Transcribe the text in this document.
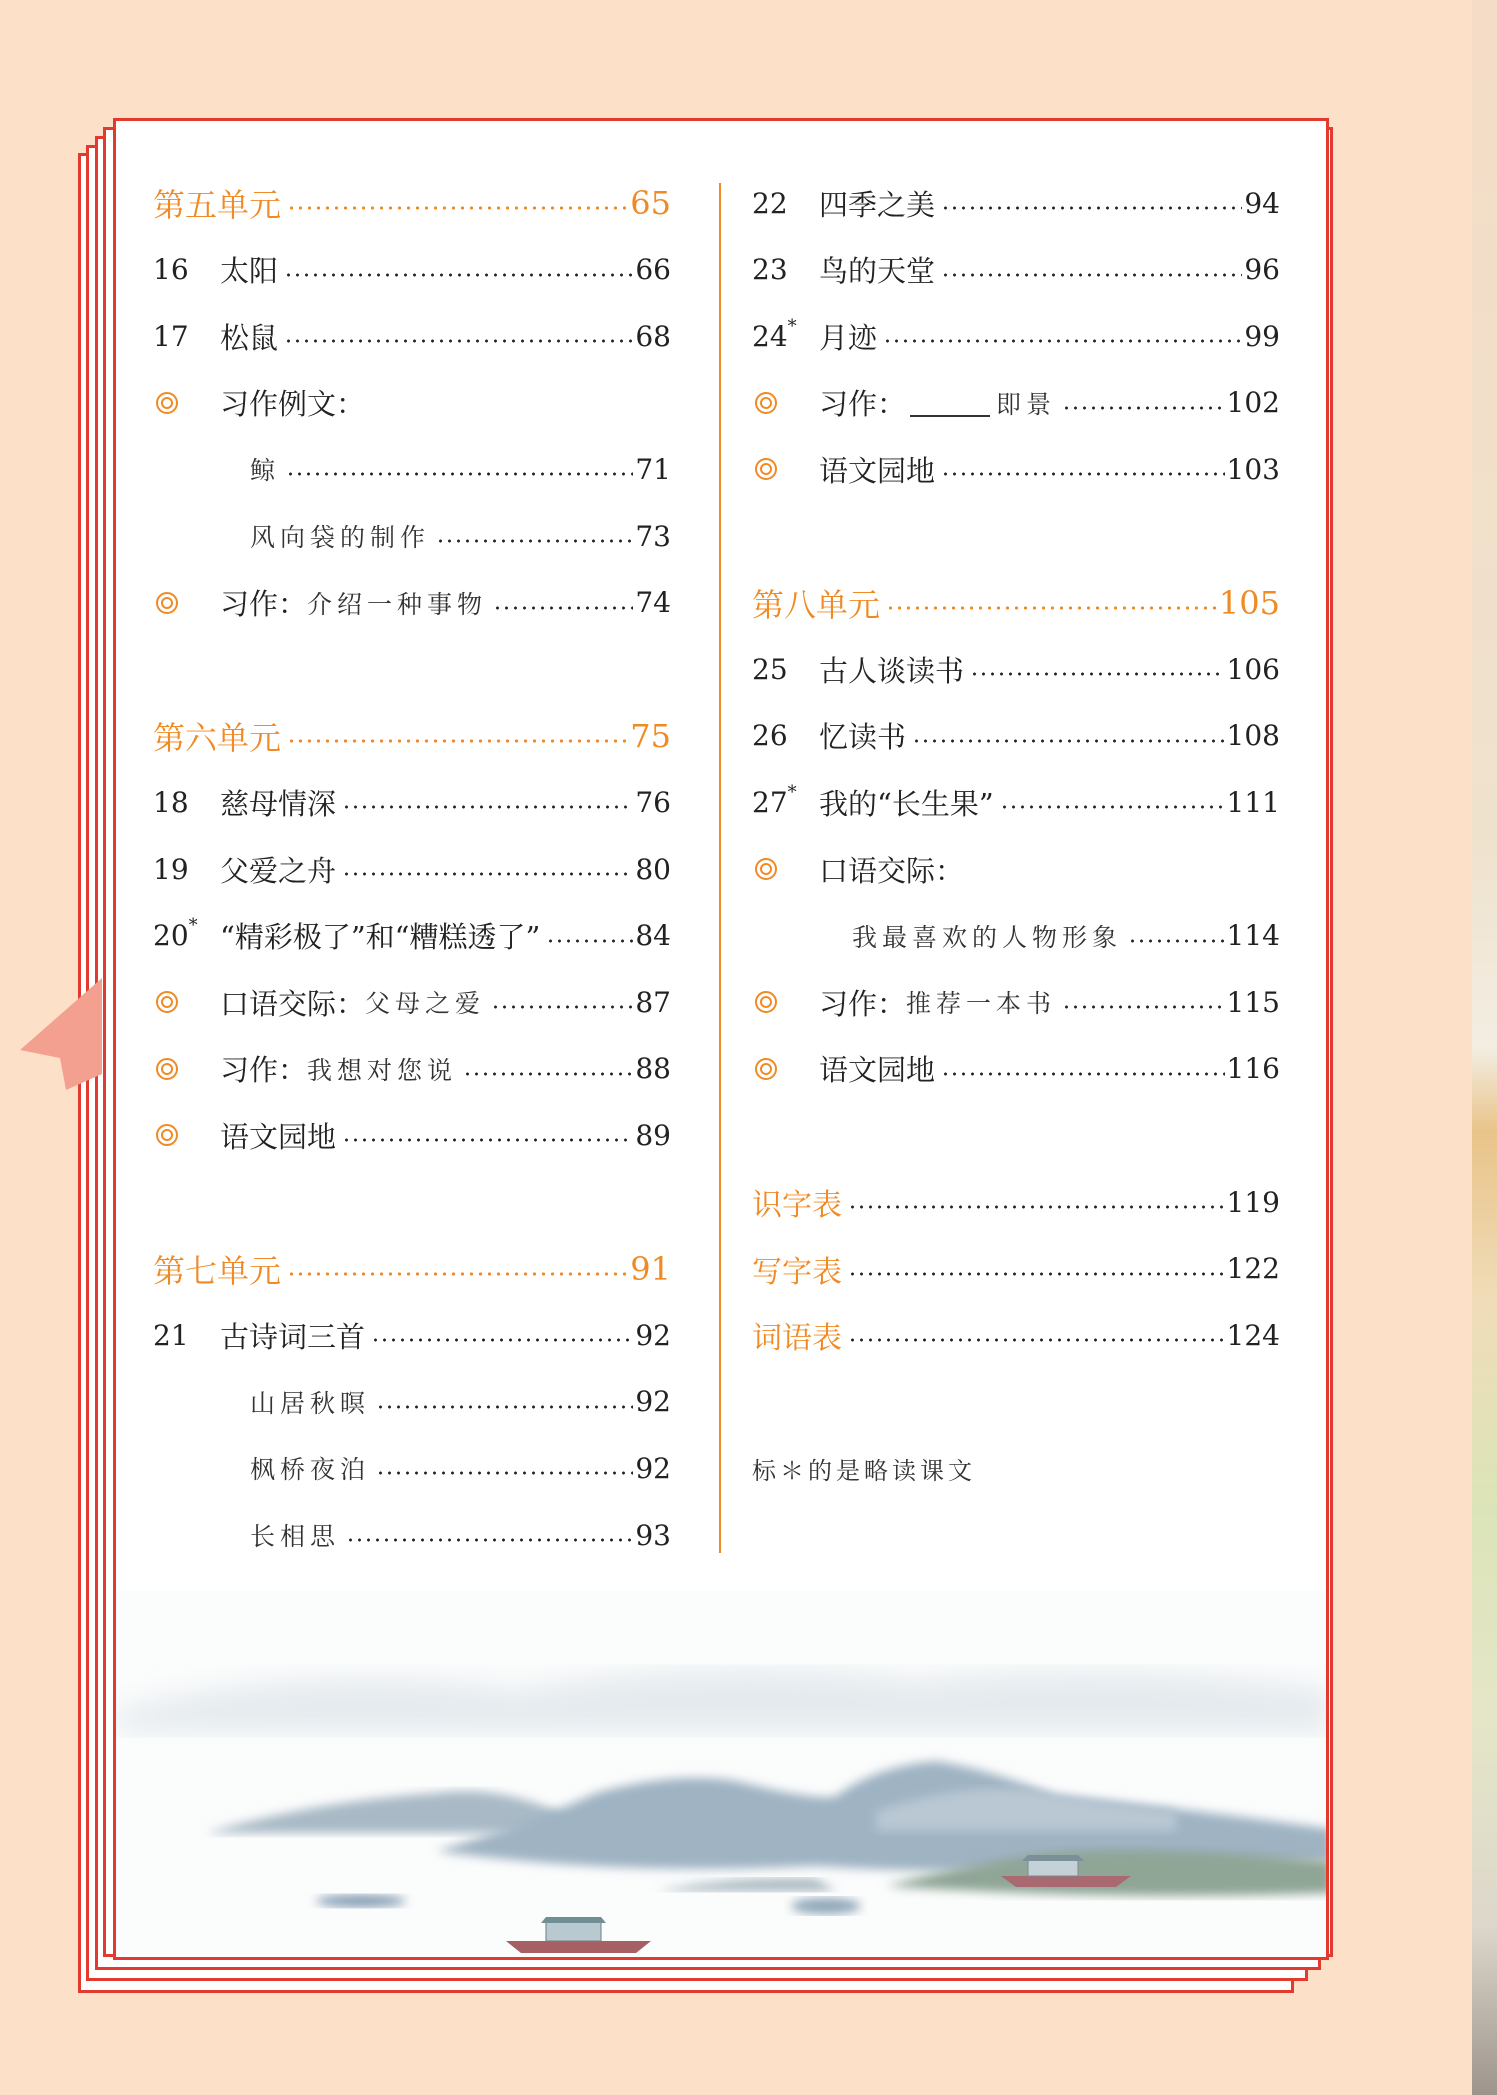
第五单元	65
16	太阳	66
17	松鼠	68
习作例文：
鲸	71
风向袋的制作	73
习作： 介绍一种事物	74
第六单元	75
18	慈母情深	76
19	父爱之舟	80
20* “精彩极了”和“糟糕透了”	84
口语交际： 父母之爱	87
习作： 我想对您说	88
语文园地	89
第七单元	91
21	古诗词三首	92
山居秋暝	92
枫桥夜泊	92
长相思	93
22	四季之美	94
23	鸟的天堂	96
24* 月迹	99
习作：	即景	102
语文园地	103
第八单元	105
25	古人谈读书	106
26	忆读书	108
27* 我的“长生果”	111
口语交际：
我最喜欢的人物形象	114
习作： 推荐一本书	115
语文园地	116
识字表	119
写字表	122
词语表	124
标＊的是略读课文
